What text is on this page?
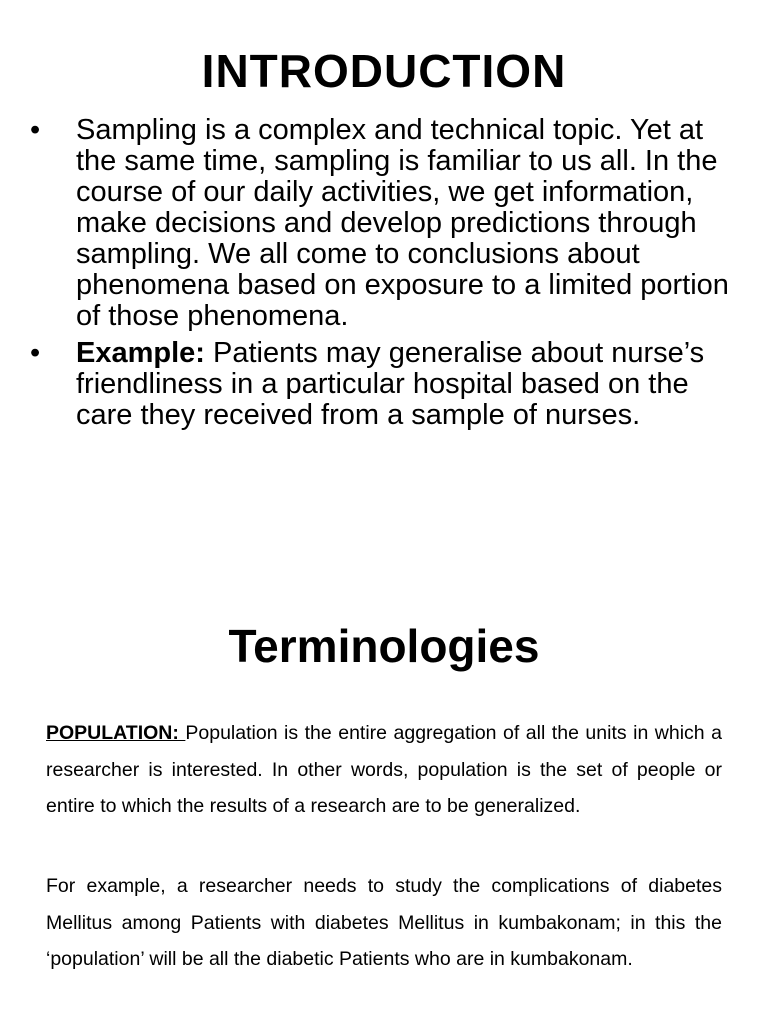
INTRODUCTION
•	Sampling is a complex and technical topic. Yet at the same time, sampling is familiar to us all. In the course of our daily activities, we get information, make decisions and develop predictions through sampling. We all come to conclusions about phenomena based on exposure to a limited portion of those phenomena.
•	Example: Patients may generalise about nurse’s friendliness in a particular hospital based on the care they received from a sample of nurses.
Terminologies

POPULATION: Population is the entire aggregation of all the units in which a researcher is interested. In other words, population is the set of people or entire to which the results of a research are to be generalized.

For example, a researcher needs to study the complications of diabetes Mellitus among Patients with diabetes Mellitus in kumbakonam; in this the ‘population’ will be all the diabetic Patients who are in kumbakonam.
